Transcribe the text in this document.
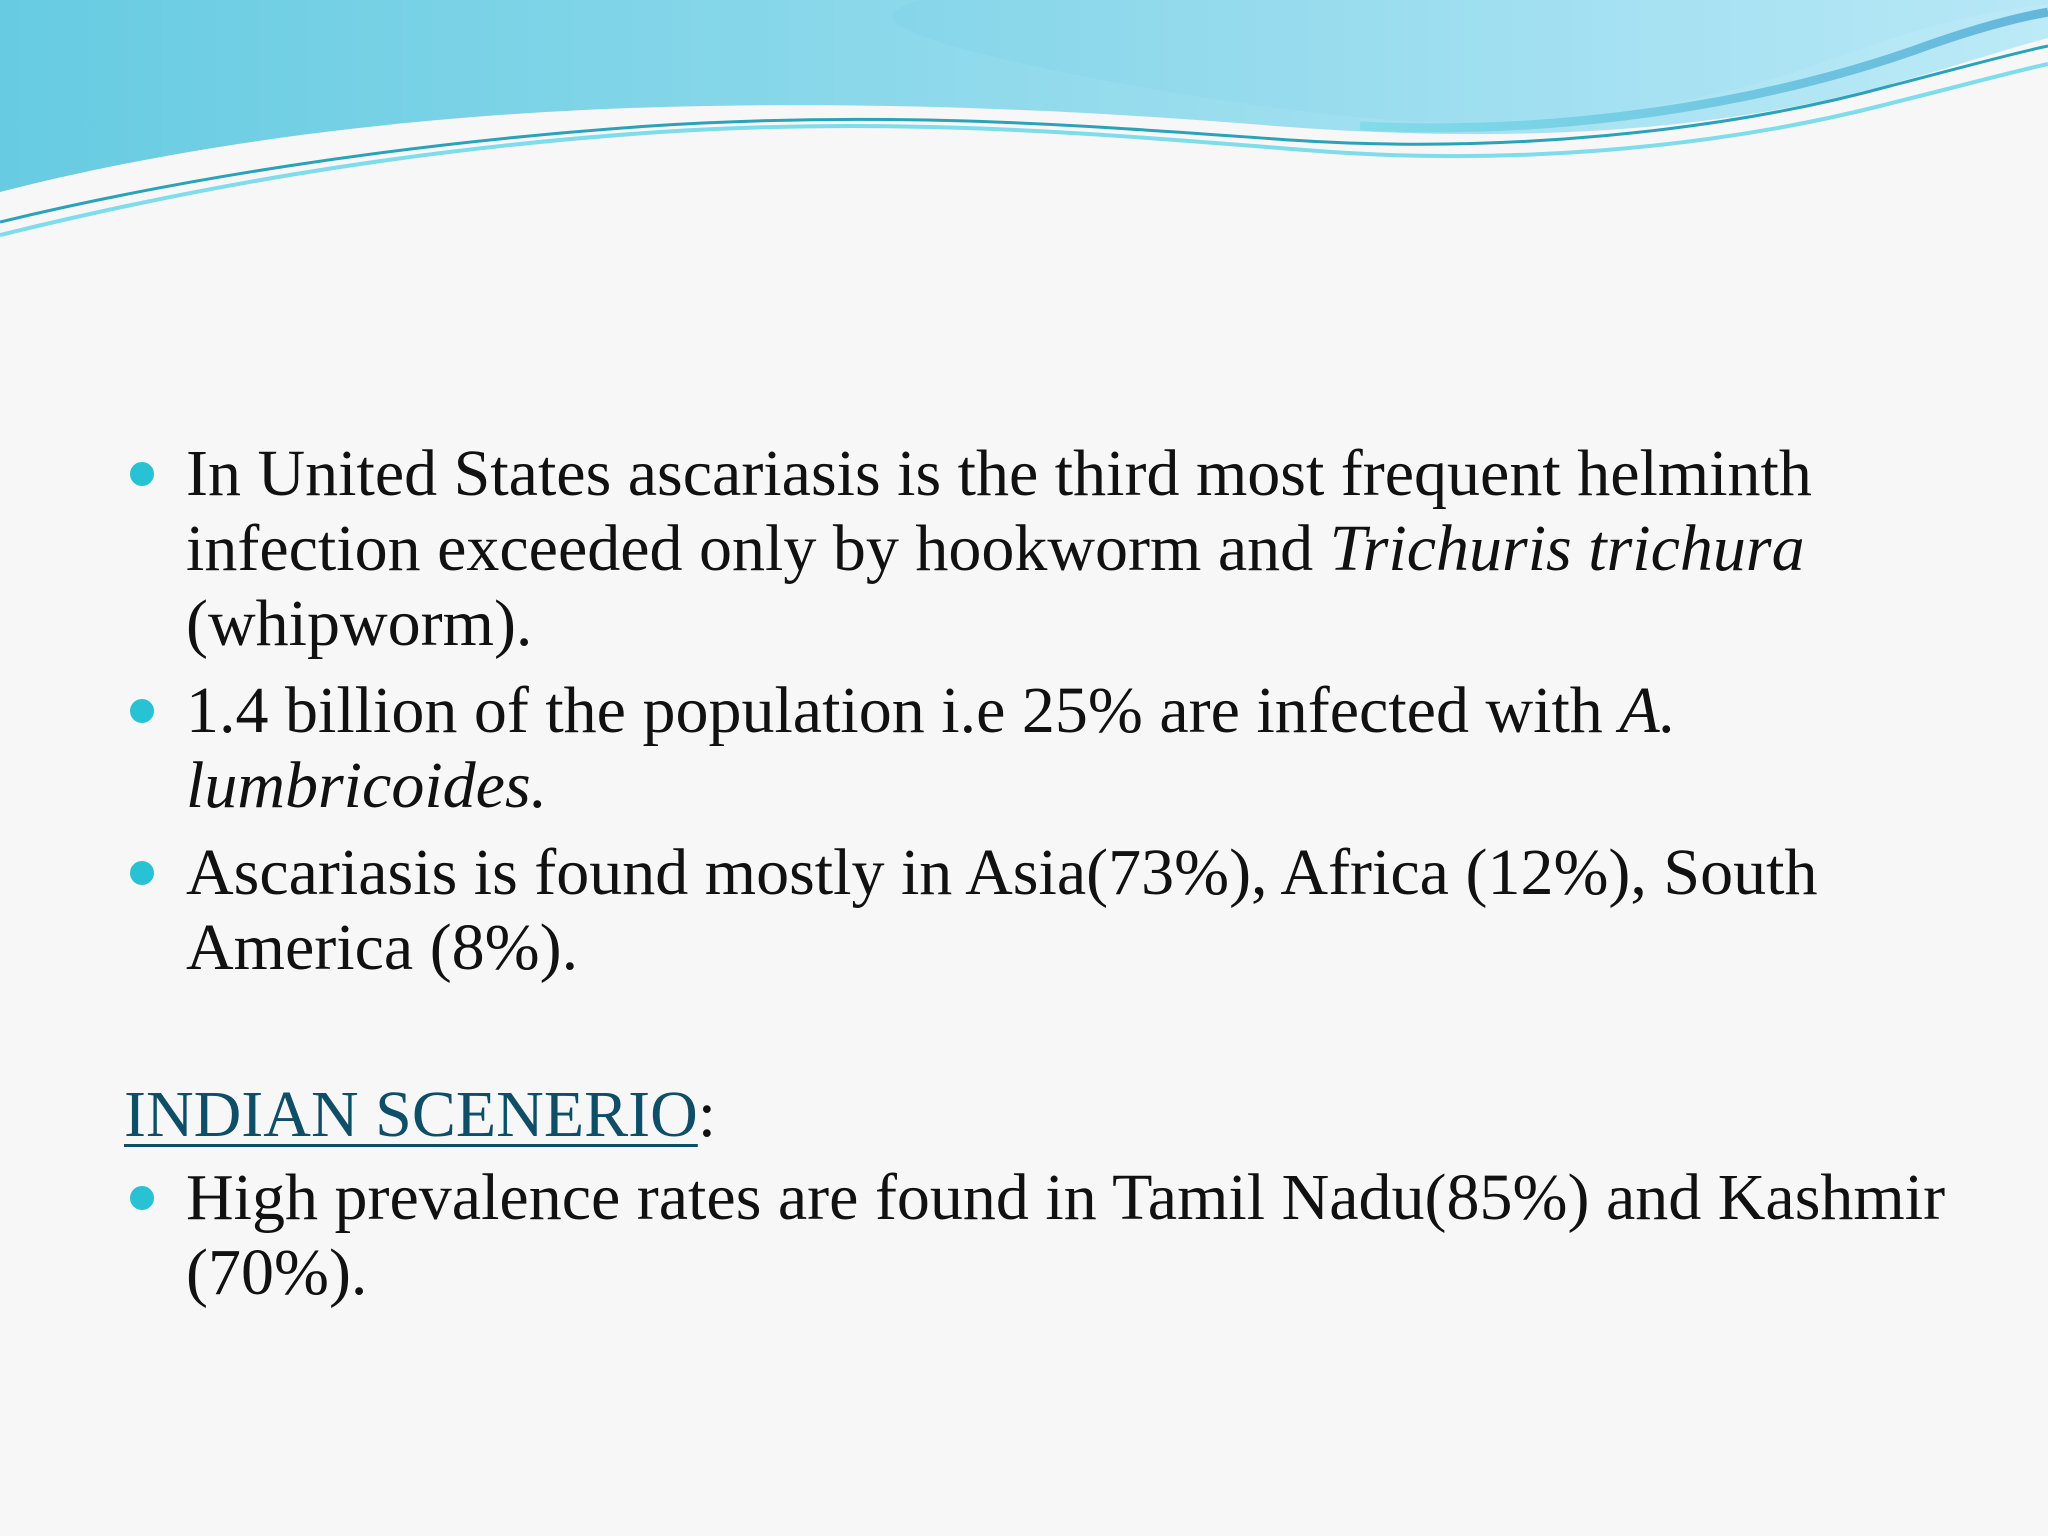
In United States ascariasis is the third most frequent helminth infection exceeded only by hookworm and Trichuris trichura (whipworm).
1.4 billion of the population i.e 25% are infected with A. lumbricoides.
Ascariasis is found mostly in Asia(73%), Africa (12%), South America (8%).
INDIAN SCENERIO:
High prevalence rates are found in Tamil Nadu(85%) and Kashmir (70%).
